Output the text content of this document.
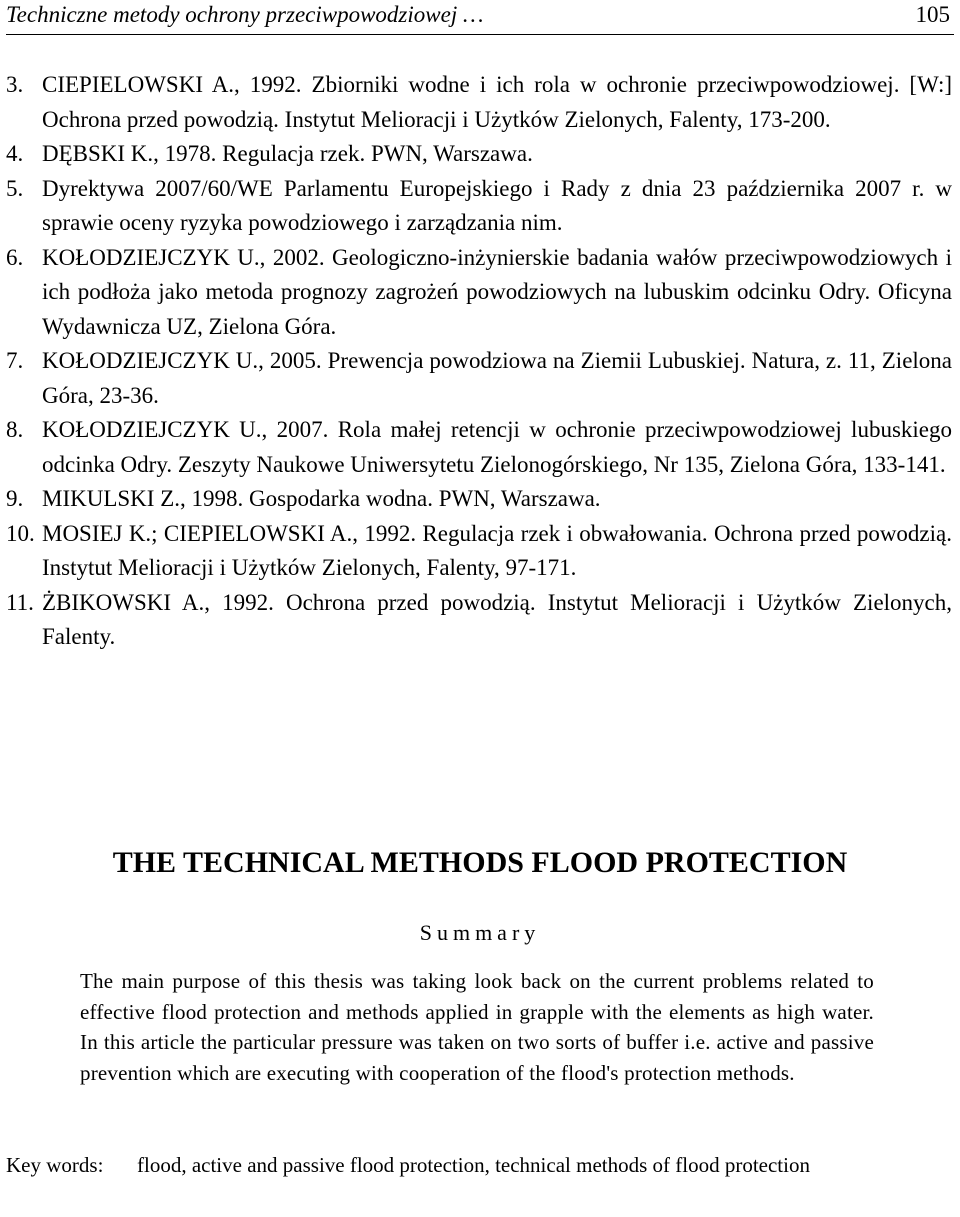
Techniczne metody ochrony przeciwpowodziowej …	105

3. CIEPIELOWSKI A., 1992. Zbiorniki wodne i ich rola w ochronie przeciwpowodziowej. [W:] Ochrona przed powodzią. Instytut Melioracji i Użytków Zielonych, Falenty, 173-200.

4. DĘBSKI K., 1978. Regulacja rzek. PWN, Warszawa.

5. Dyrektywa 2007/60/WE Parlamentu Europejskiego i Rady z dnia 23 października 2007 r. w sprawie oceny ryzyka powodziowego i zarządzania nim.

6. KOŁODZIEJCZYK U., 2002. Geologiczno-inżynierskie badania wałów przeciwpowodziowych i ich podłoża jako metoda prognozy zagrożeń powodziowych na lubuskim odcinku Odry. Oficyna Wydawnicza UZ, Zielona Góra.

7. KOŁODZIEJCZYK U., 2005. Prewencja powodziowa na Ziemii Lubuskiej. Natura, z. 11, Zielona Góra, 23-36.

8. KOŁODZIEJCZYK U., 2007. Rola małej retencji w ochronie przeciwpowodziowej lubuskiego odcinka Odry. Zeszyty Naukowe Uniwersytetu Zielonogórskiego, Nr 135, Zielona Góra, 133-141.

9. MIKULSKI Z., 1998. Gospodarka wodna. PWN, Warszawa.

10. MOSIEJ K.; CIEPIELOWSKI A., 1992. Regulacja rzek i obwałowania. Ochrona przed powodzią. Instytut Melioracji i Użytków Zielonych, Falenty, 97-171.

11. ŻBIKOWSKI A., 1992. Ochrona przed powodzią. Instytut Melioracji i Użytków Zielonych, Falenty.

THE TECHNICAL METHODS FLOOD PROTECTION
Summary
The main purpose of this thesis was taking look back on the current problems related to effective flood protection and methods applied in grapple with the elements as high water. In this article the particular pressure was taken on two sorts of buffer i.e. active and passive prevention which are executing with cooperation of the flood's protection methods.
Key words:	flood, active and passive flood protection, technical methods of flood protection
